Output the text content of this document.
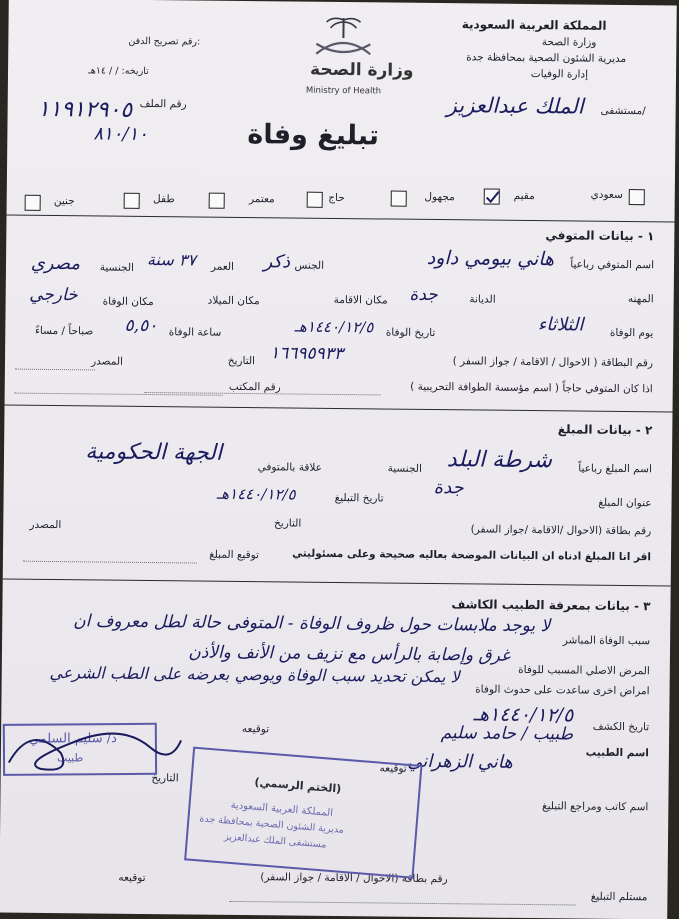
المملكة العربية السعودية
وزارة الصحة
مديرية الشئون الصحية بمحافظة جدة
إدارة الوفيات
مستشفى/
الملك عبدالعزيز
وزارة الصحة
Ministry of Health
رقم تصريح الدفن:
تاريخه: / / ١٤هـ
رقم الملف
١١٩١٢٩٠٥
٨١٠/١٠	تبليغ وفاة
سعودي
مقيم
مجهول
حاج
معتمر
طفل
جنين
١ - بيانات المتوفي
اسم المتوفي رباعياً
هاني بيومي داود
الجنس
ذكر
العمر
٣٧ سنة
الجنسية
مصري
المهنه
الديانة
مكان الاقامة جدة
مكان الميلاد
مكان الوفاة
خارجي
يوم الوفاة
الثلاثاء
تاريخ الوفاة
١٤٤٠/١٢/٥هـ
ساعة الوفاة
٥,٥٠
صباحاً / مساءً
رقم البطاقة ( الاحوال / الاقامة / جواز السفر )
١٦٦٩٥٩٣٣
التاريخ
المصدر
اذا كان المتوفي حاجاً ( اسم مؤسسة الطوافة التحريبية )
رقم المكتب
٢ - بيانات المبلغ
اسم المبلغ رباعياً
شرطة البلد
الجنسية
علاقة بالمتوفي
الجهة الحكومية
عنوان المبلغ
جدة
تاريخ التبليغ
١٤٤٠/١٢/٥هـ
رقم بطاقة (الاحوال /الاقامة /جواز السفر)
التاريخ
المصدر
اقر انا المبلغ ادناه ان البيانات الموضحة بعاليه صحيحة وعلى مسئوليتي
توقيع المبلغ
٣ - بيانات بمعرفة الطبيب الكاشف
سبب الوفاة المباشر
لا يوجد ملابسات حول ظروف الوفاة - المتوفى حالة لطل معروف ان
المرض الاصلي المسبب للوفاة
غرق وإصابة بالرأس مع نزيف من الأنف والأذن
امراض اخرى ساعدت على حدوث الوفاة
لا يمكن تحديد سبب الوفاة ويوصي بعرضه على الطب الشرعي
تاريخ الكشف
١٤٤٠/١٢/٥هـ
اسم الطبيب
طبيب / حامد سليم
توقيعه
اسم كاتب ومراجع التبليغ
هاني الزهراني
توقيعه
التاريخ
مستلم التبليغ
رقم بطاقة (الاحوال / الاقامة / جواز السفر)
توقيعه
(الختم الرسمي)
المملكة العربية السعودية
مديرية الشئون الصحية بمحافظة جدة
مستشفى الملك عبدالعزيز
د/ سليم السلمي
طبيب
